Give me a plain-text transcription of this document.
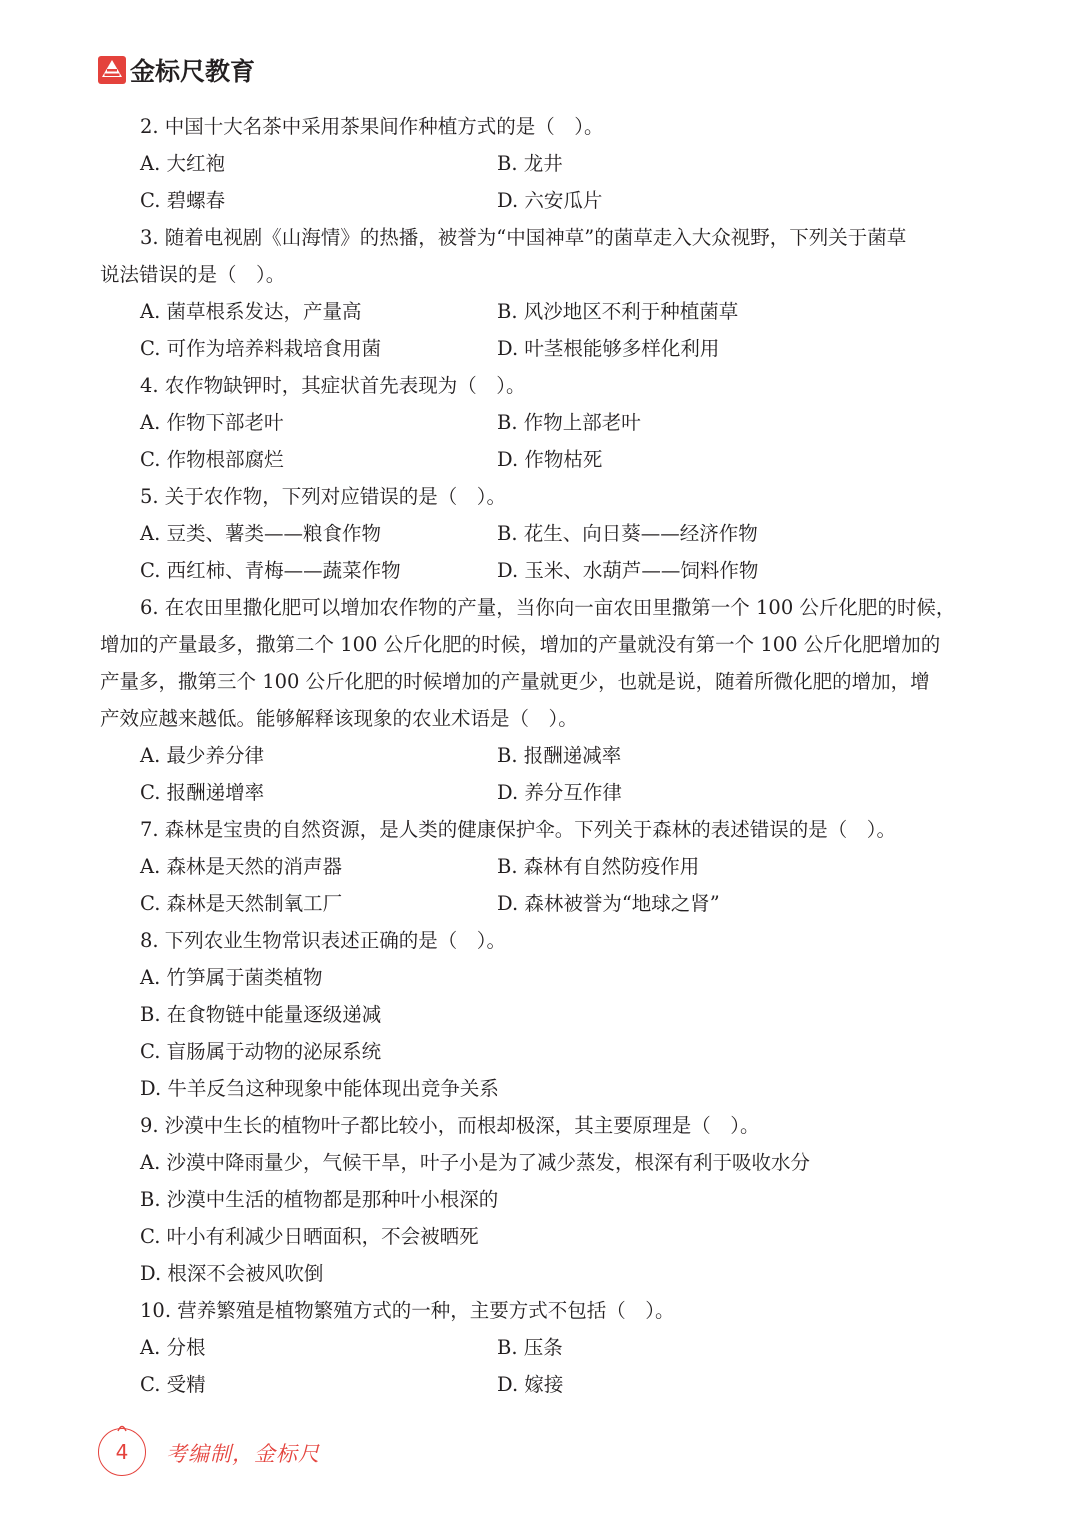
金标尺教育
2. 中国十大名茶中采用茶果间作种植方式的是（　）。
A. 大红袍	B. 龙井
C. 碧螺春	D. 六安瓜片
3. 随着电视剧《山海情》的热播，被誉为“中国神草”的菌草走入大众视野，下列关于菌草
说法错误的是（　）。
A. 菌草根系发达，产量高	B. 风沙地区不利于种植菌草
C. 可作为培养料栽培食用菌	D. 叶茎根能够多样化利用
4. 农作物缺钾时，其症状首先表现为（　）。
A. 作物下部老叶	B. 作物上部老叶
C. 作物根部腐烂	D. 作物枯死
5. 关于农作物，下列对应错误的是（　）。
A. 豆类、薯类——粮食作物	B. 花生、向日葵——经济作物
C. 西红柿、青梅——蔬菜作物	D. 玉米、水葫芦——饲料作物
6. 在农田里撒化肥可以增加农作物的产量，当你向一亩农田里撒第一个 100 公斤化肥的时候，
增加的产量最多，撒第二个 100 公斤化肥的时候，增加的产量就没有第一个 100 公斤化肥增加的
产量多，撒第三个 100 公斤化肥的时候增加的产量就更少，也就是说，随着所微化肥的增加，增
产效应越来越低。能够解释该现象的农业术语是（　）。
A. 最少养分律	B. 报酬递减率
C. 报酬递增率	D. 养分互作律
7. 森林是宝贵的自然资源，是人类的健康保护伞。下列关于森林的表述错误的是（　）。
A. 森林是天然的消声器	B. 森林有自然防疫作用
C. 森林是天然制氧工厂	D. 森林被誉为“地球之肾”
8. 下列农业生物常识表述正确的是（　）。
A. 竹笋属于菌类植物
B. 在食物链中能量逐级递减
C. 盲肠属于动物的泌尿系统
D. 牛羊反刍这种现象中能体现出竞争关系
9. 沙漠中生长的植物叶子都比较小，而根却极深，其主要原理是（　）。
A. 沙漠中降雨量少，气候干旱，叶子小是为了减少蒸发，根深有利于吸收水分
B. 沙漠中生活的植物都是那种叶小根深的
C. 叶小有利减少日晒面积，不会被晒死
D. 根深不会被风吹倒
10. 营养繁殖是植物繁殖方式的一种，主要方式不包括（　）。
A. 分根	B. 压条
C. 受精	D. 嫁接
4 考编制，金标尺
